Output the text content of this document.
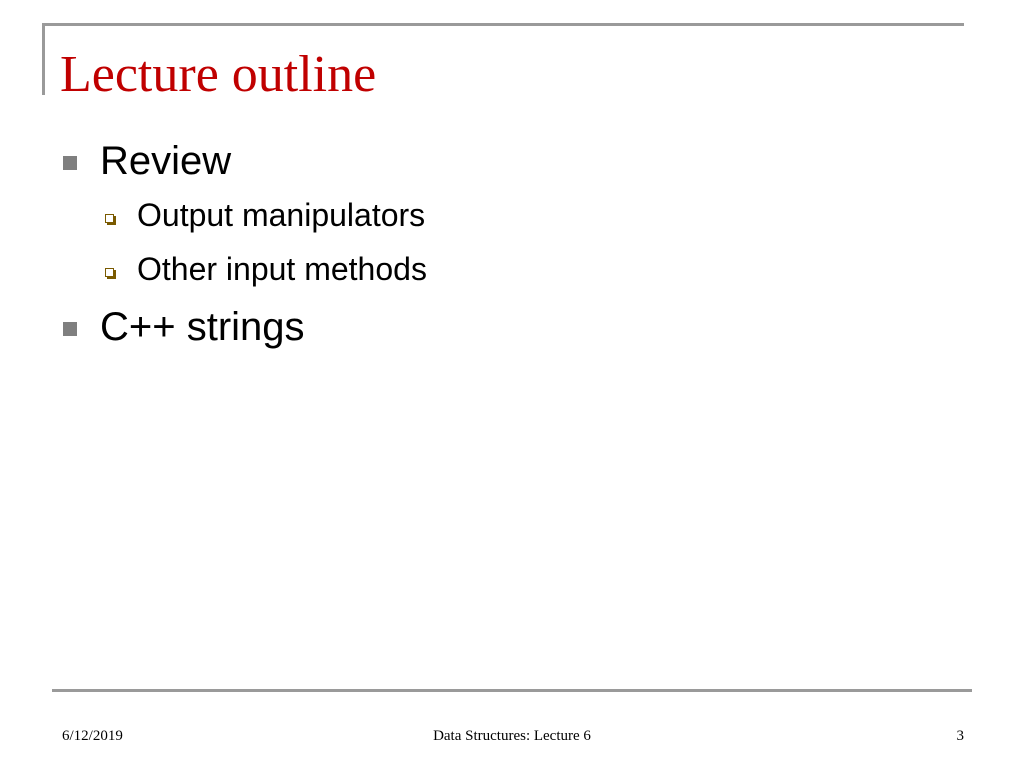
Lecture outline
Review
Output manipulators
Other input methods
C++ strings
6/12/2019	Data Structures: Lecture 6	3
